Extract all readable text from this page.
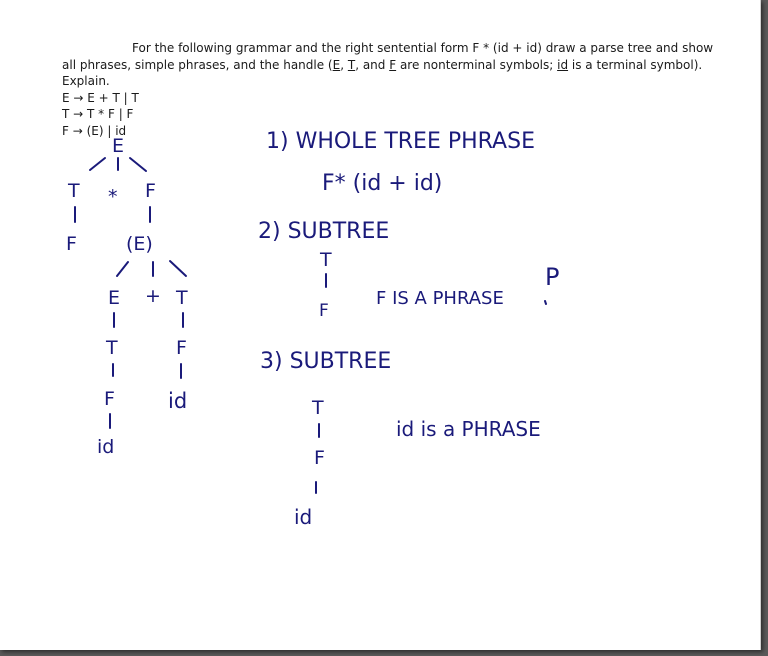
For the following grammar and the right sentential form F * (id + id) draw a parse tree and show all phrases, simple phrases, and the handle (E, T, and F are nonterminal symbols; id is a terminal symbol). Explain.

E → E + T | T
T → T * F | F
F → (E) | id
E
T * F
F	(E)
E + T
T	F
F	id
id
1) WHOLE TREE PHRASE
F* (id + id)
2) SUBTREE
T
F
F IS A PHRASE
P
3) SUBTREE
T
F
id
id is a PHRASE
